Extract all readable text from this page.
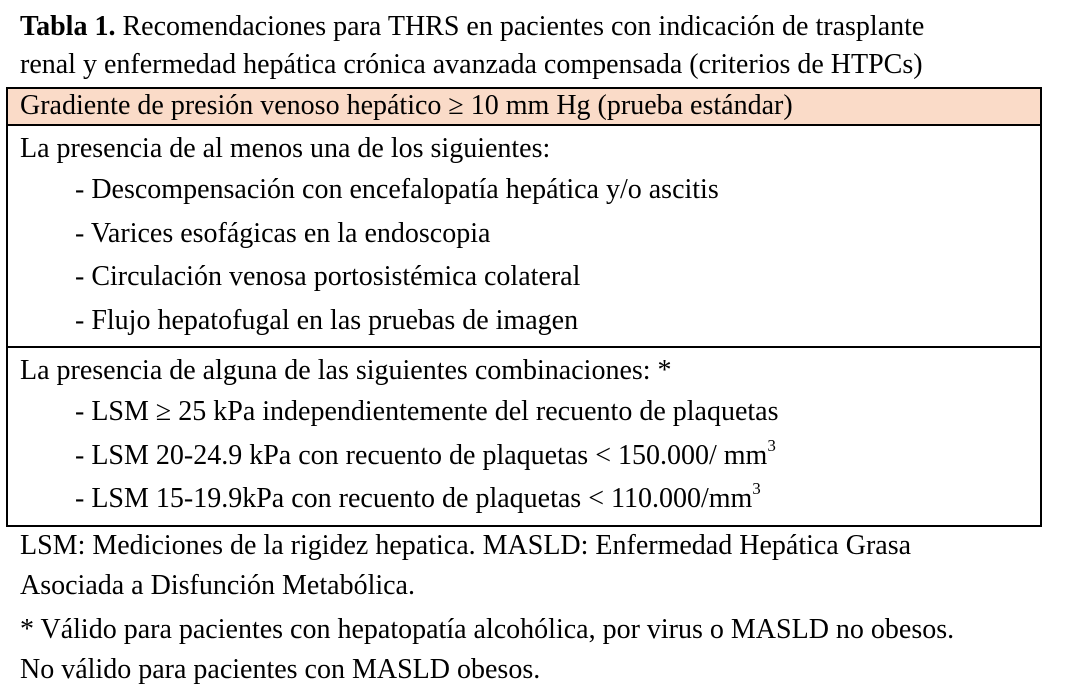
Tabla 1. Recomendaciones para THRS en pacientes con indicación de trasplante
renal y enfermedad hepática crónica avanzada compensada (criterios de HTPCs)
Gradiente de presión venoso hepático ≥ 10 mm Hg (prueba estándar)
La presencia de al menos una de los siguientes:
- Descompensación con encefalopatía hepática y/o ascitis
- Varices esofágicas en la endoscopia
- Circulación venosa portosistémica colateral
- Flujo hepatofugal en las pruebas de imagen
La presencia de alguna de las siguientes combinaciones: *
- LSM ≥ 25 kPa independientemente del recuento de plaquetas
- LSM 20-24.9 kPa con recuento de plaquetas < 150.000/ $mm^3$
- LSM 15-19.9kPa con recuento de plaquetas < $110.000/mm^3$
LSM: Mediciones de la rigidez hepatica. MASLD: Enfermedad Hepática Grasa
Asociada a Disfunción Metabólica.
* Válido para pacientes con hepatopatía alcohólica, por virus o MASLD no obesos.
No válido para pacientes con MASLD obesos.
